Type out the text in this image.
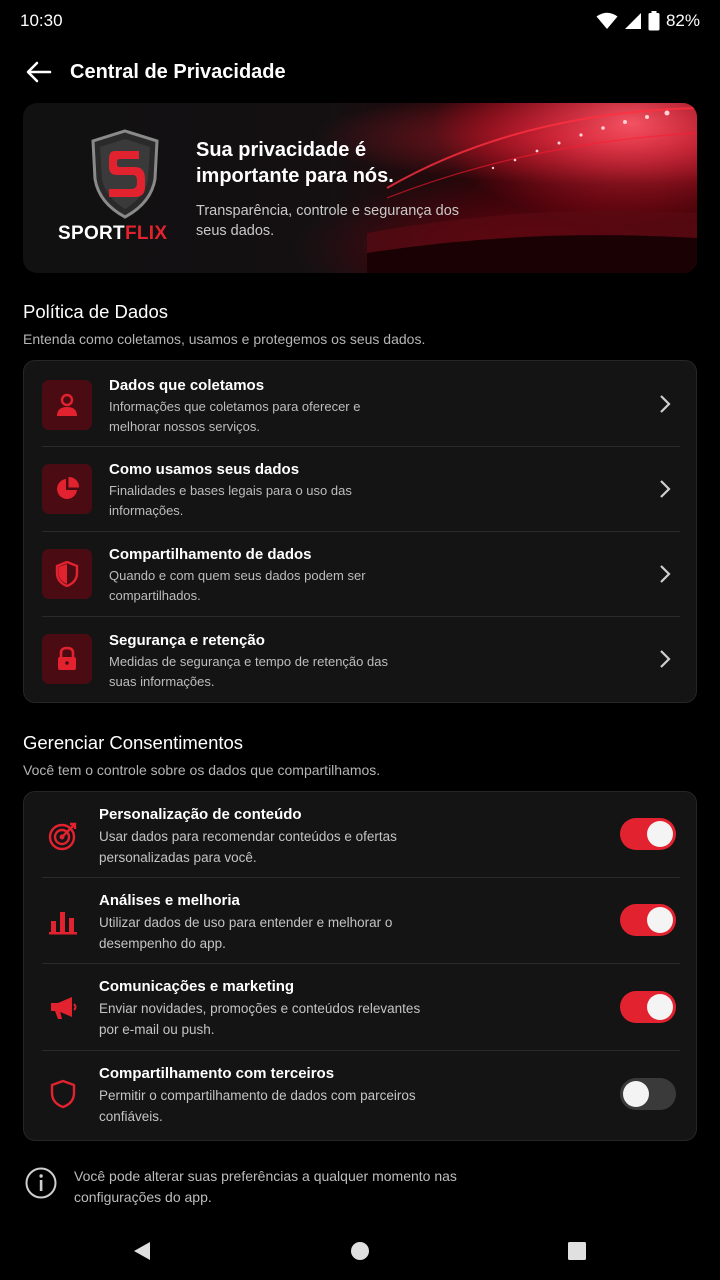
10:30	82%
Central de Privacidade
SPORTFLIX
Sua privacidade é importante para nós.
Transparência, controle e segurança dos seus dados.
Política de Dados
Entenda como coletamos, usamos e protegemos os seus dados.
Dados que coletamos
Informações que coletamos para oferecer e melhorar nossos serviços.
Como usamos seus dados
Finalidades e bases legais para o uso das informações.
Compartilhamento de dados
Quando e com quem seus dados podem ser compartilhados.
Segurança e retenção
Medidas de segurança e tempo de retenção das suas informações.
Gerenciar Consentimentos
Você tem o controle sobre os dados que compartilhamos.
Personalização de conteúdo
Usar dados para recomendar conteúdos e ofertas personalizadas para você.
Análises e melhoria
Utilizar dados de uso para entender e melhorar o desempenho do app.
Comunicações e marketing
Enviar novidades, promoções e conteúdos relevantes por e-mail ou push.
Compartilhamento com terceiros
Permitir o compartilhamento de dados com parceiros confiáveis.
Você pode alterar suas preferências a qualquer momento nas configurações do app.
